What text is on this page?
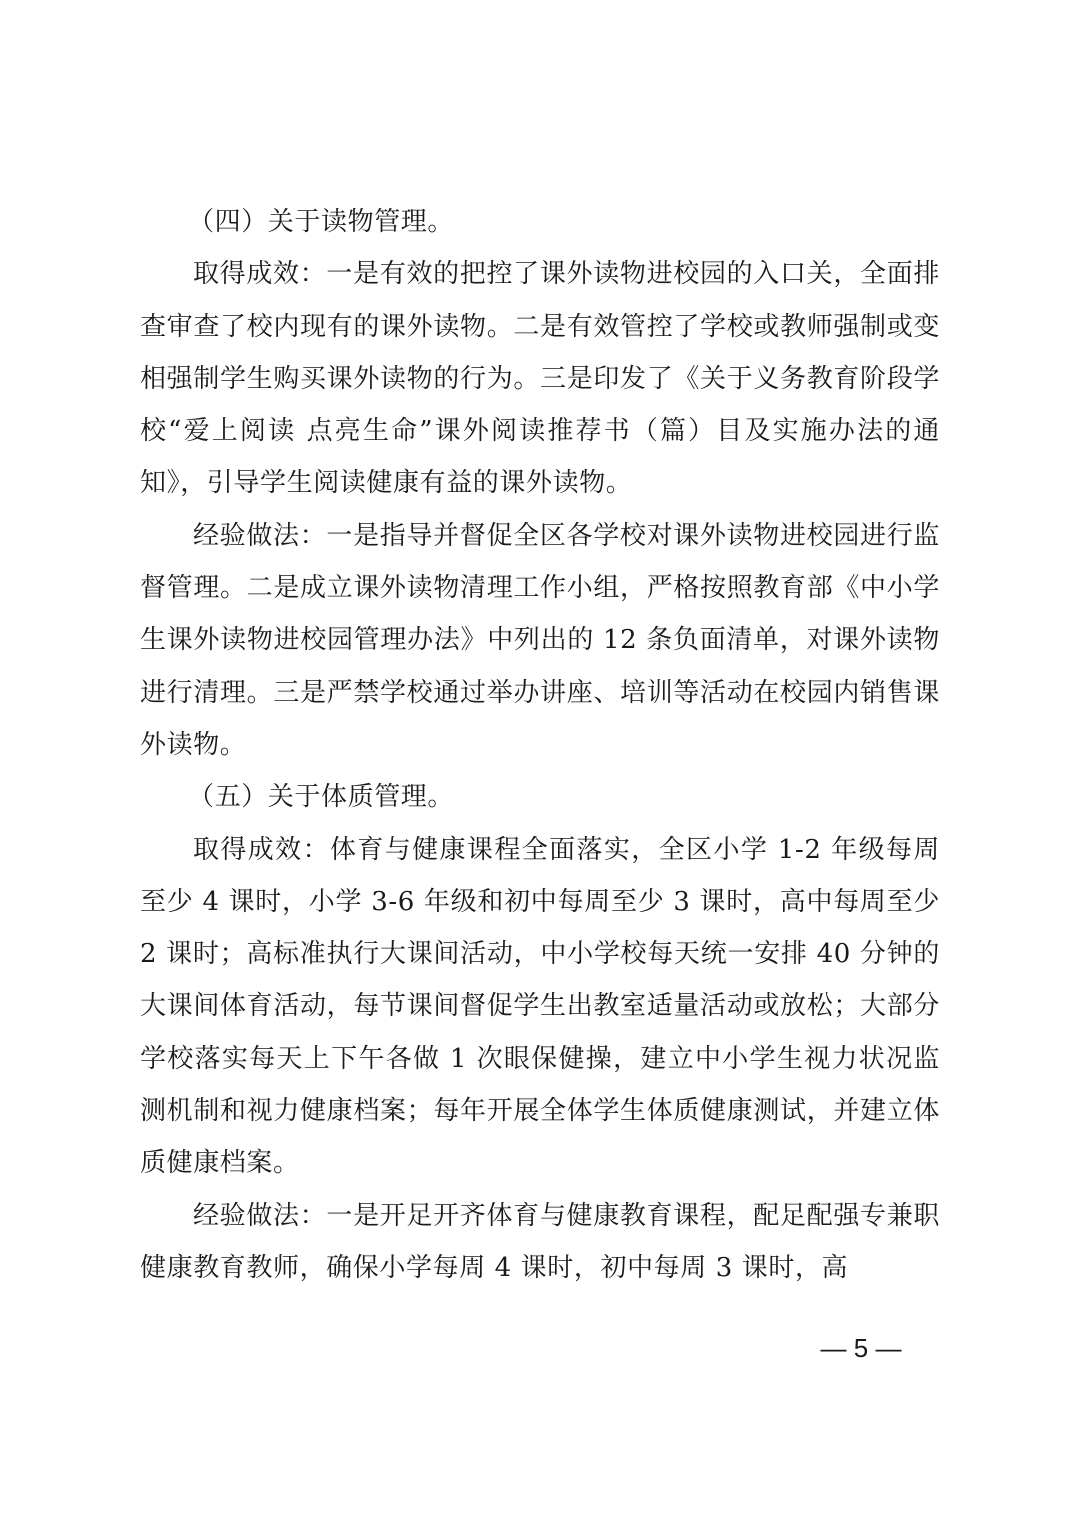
（四）关于读物管理。

取得成效：一是有效的把控了课外读物进校园的入口关，全面排查审查了校内现有的课外读物。二是有效管控了学校或教师强制或变相强制学生购买课外读物的行为。三是印发了《关于义务教育阶段学校“爱上阅读 点亮生命”课外阅读推荐书（篇）目及实施办法的通知》，引导学生阅读健康有益的课外读物。

经验做法：一是指导并督促全区各学校对课外读物进校园进行监督管理。二是成立课外读物清理工作小组，严格按照教育部《中小学生课外读物进校园管理办法》中列出的 12 条负面清单，对课外读物进行清理。三是严禁学校通过举办讲座、培训等活动在校园内销售课外读物。

（五）关于体质管理。

取得成效：体育与健康课程全面落实，全区小学 1-2 年级每周至少 4 课时，小学 3-6 年级和初中每周至少 3 课时，高中每周至少 2 课时；高标准执行大课间活动，中小学校每天统一安排 40 分钟的大课间体育活动，每节课间督促学生出教室适量活动或放松；大部分学校落实每天上下午各做 1 次眼保健操，建立中小学生视力状况监测机制和视力健康档案；每年开展全体学生体质健康测试，并建立体质健康档案。

经验做法：一是开足开齐体育与健康教育课程，配足配强专兼职健康教育教师，确保小学每周 4 课时，初中每周 3 课时，高

— 5 —
